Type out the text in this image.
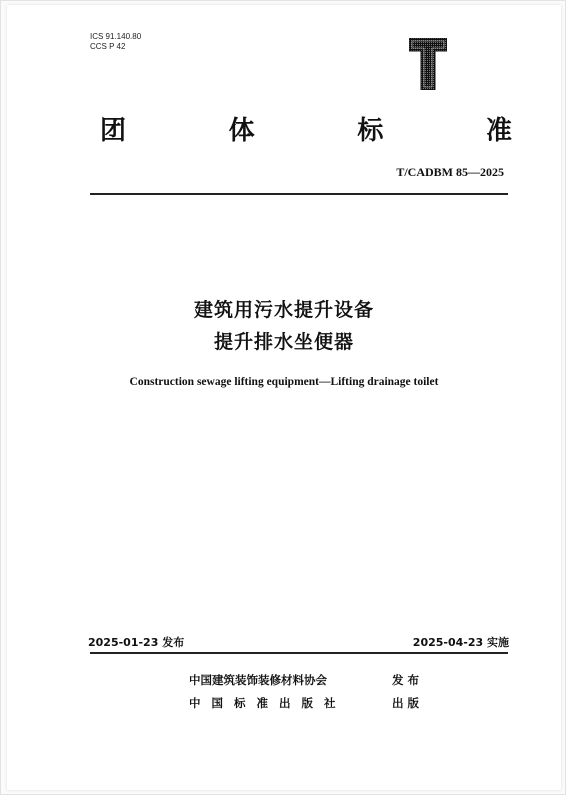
ICS 91.140.80
CCS P 42
团	体	标	准
T/CADBM 85—2025
建筑用污水提升设备
提升排水坐便器
Construction sewage lifting equipment—Lifting drainage toilet
2025-01-23 发布	2025-04-23 实施
中国建筑装饰装修材料协会	发 布
中国标准出版社	出 版
